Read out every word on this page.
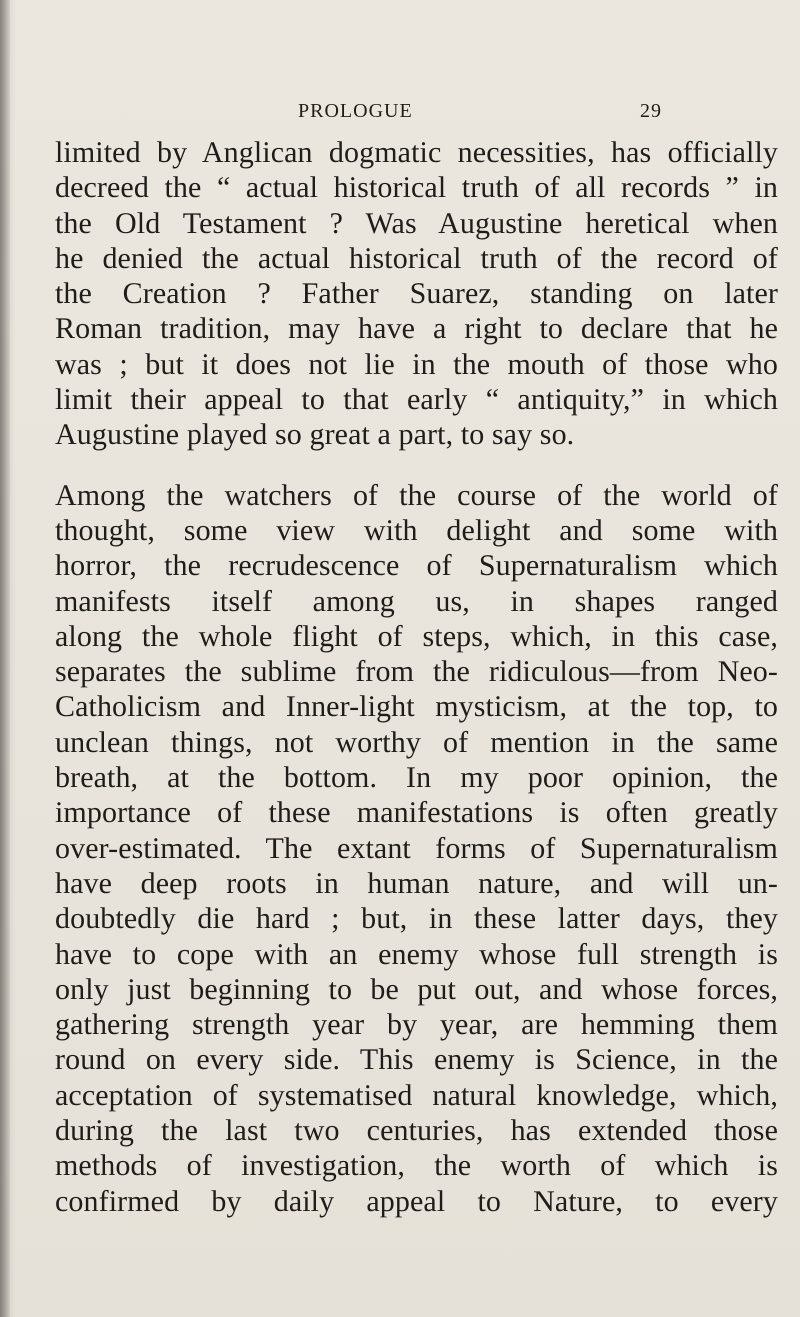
PROLOGUE	29
limited by Anglican dogmatic necessities, has officially
decreed the “ actual historical truth of all records ” in
the Old Testament ? Was Augustine heretical when
he denied the actual historical truth of the record of
the Creation ? Father Suarez, standing on later
Roman tradition, may have a right to declare that he
was ; but it does not lie in the mouth of those who
limit their appeal to that early “ antiquity,” in which
Augustine played so great a part, to say so.
Among the watchers of the course of the world of
thought, some view with delight and some with
horror, the recrudescence of Supernaturalism which
manifests itself among us, in shapes ranged
along the whole flight of steps, which, in this case,
separates the sublime from the ridiculous—from Neo-
Catholicism and Inner-light mysticism, at the top, to
unclean things, not worthy of mention in the same
breath, at the bottom. In my poor opinion, the
importance of these manifestations is often greatly
over-estimated. The extant forms of Supernaturalism
have deep roots in human nature, and will un-
doubtedly die hard ; but, in these latter days, they
have to cope with an enemy whose full strength is
only just beginning to be put out, and whose forces,
gathering strength year by year, are hemming them
round on every side. This enemy is Science, in the
acceptation of systematised natural knowledge, which,
during the last two centuries, has extended those
methods of investigation, the worth of which is
confirmed by daily appeal to Nature, to every
